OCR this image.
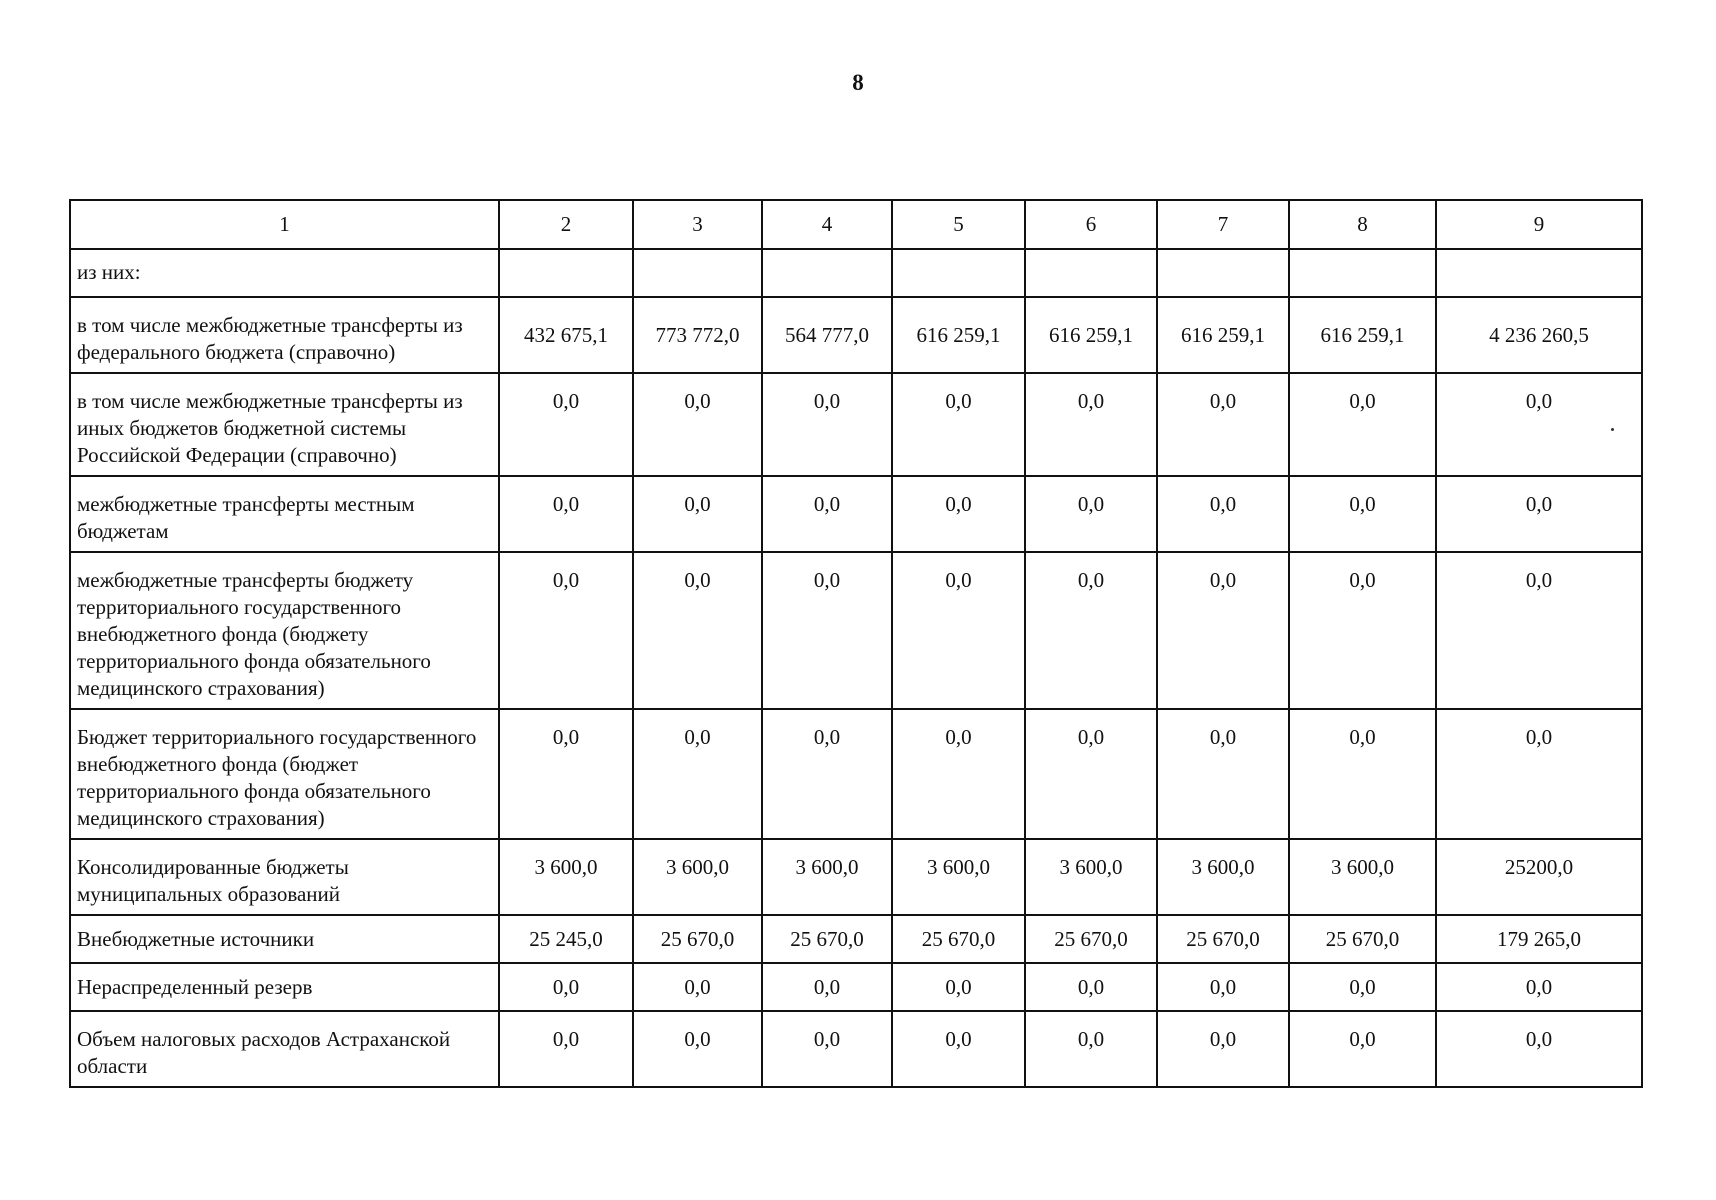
8
1	2	3	4	5	6	7	8	9
из них:								
в том числе межбюджетные трансферты из федерального бюджета (справочно)	432 675,1	773 772,0	564 777,0	616 259,1	616 259,1	616 259,1	616 259,1	4 236 260,5
в том числе межбюджетные трансферты из иных бюджетов бюджетной системы Российской Федерации (справочно)	0,0	0,0	0,0	0,0	0,0	0,0	0,0	0,0
межбюджетные трансферты местным бюджетам	0,0	0,0	0,0	0,0	0,0	0,0	0,0	0,0
межбюджетные трансферты бюджету территориального государственного внебюджетного фонда (бюджету территориального фонда обязательного медицинского страхования)	0,0	0,0	0,0	0,0	0,0	0,0	0,0	0,0
Бюджет территориального государственного внебюджетного фонда (бюджет территориального фонда обязательного медицинского страхования)	0,0	0,0	0,0	0,0	0,0	0,0	0,0	0,0
Консолидированные бюджеты муниципальных образований	3 600,0	3 600,0	3 600,0	3 600,0	3 600,0	3 600,0	3 600,0	25200,0
Внебюджетные источники	25 245,0	25 670,0	25 670,0	25 670,0	25 670,0	25 670,0	25 670,0	179 265,0
Нераспределенный резерв	0,0	0,0	0,0	0,0	0,0	0,0	0,0	0,0
Объем налоговых расходов Астраханской области	0,0	0,0	0,0	0,0	0,0	0,0	0,0	0,0
